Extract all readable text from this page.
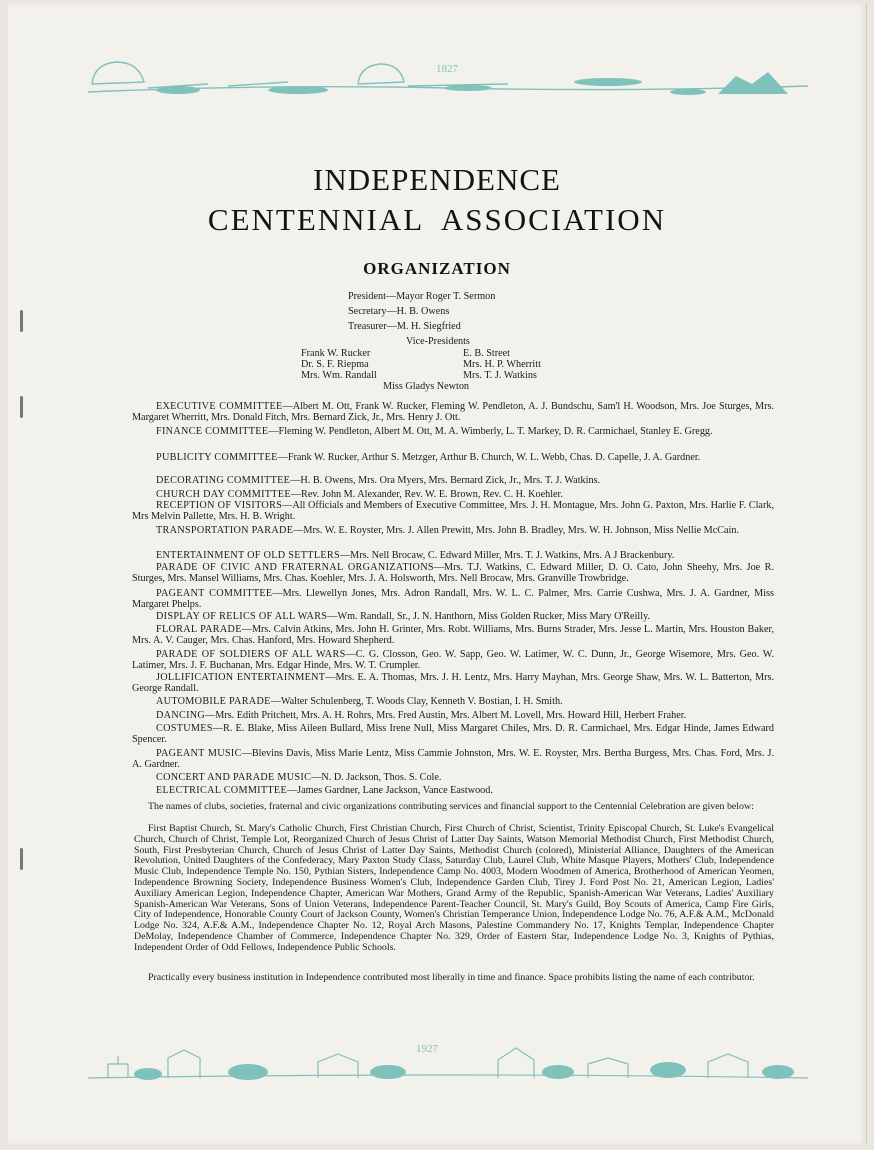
1827
INDEPENDENCE
CENTENNIAL  ASSOCIATION
ORGANIZATION
President—Mayor Roger T. Sermon
Secretary—H. B. Owens
Treasurer—M. H. Siegfried
Vice-Presidents
Frank W. Rucker
Dr. S. F. Riepma
Mrs. Wm. Randall
E. B. Street
Mrs. H. P. Wherritt
Mrs. T. J. Watkins
Miss Gladys Newton
EXECUTIVE COMMITTEE—Albert M. Ott, Frank W. Rucker, Fleming W. Pendleton, A. J. Bundschu, Sam'l H. Woodson, Mrs. Joe Sturges, Mrs. Margaret Wherritt, Mrs. Donald Fitch, Mrs. Bernard Zick, Jr., Mrs. Henry J. Ott.
FINANCE COMMITTEE—Fleming W. Pendleton, Albert M. Ott, M. A. Wimberly, L. T. Markey, D. R. Carmichael, Stanley E. Gregg.
PUBLICITY COMMITTEE—Frank W. Rucker, Arthur S. Metzger, Arthur B. Church, W. L. Webb, Chas. D. Capelle, J. A. Gardner.
DECORATING COMMITTEE—H. B. Owens, Mrs. Ora Myers, Mrs. Bernard Zick, Jr., Mrs. T. J. Watkins.
CHURCH DAY COMMITTEE—Rev. John M. Alexander, Rev. W. E. Brown, Rev. C. H. Koehler.
RECEPTION OF VISITORS—All Officials and Members of Executive Committee, Mrs. J. H. Montague, Mrs. John G. Paxton, Mrs. Harlie F. Clark, Mrs Melvin Pallette, Mrs. H. B. Wright.
TRANSPORTATION PARADE—Mrs. W. E. Royster, Mrs. J. Allen Prewitt, Mrs. John B. Bradley, Mrs. W. H. Johnson, Miss Nellie McCain.
ENTERTAINMENT OF OLD SETTLERS—Mrs. Nell Brocaw, C. Edward Miller, Mrs. T. J. Watkins, Mrs. A J Brackenbury.
PARADE OF CIVIC AND FRATERNAL ORGANIZATIONS—Mrs. T.J. Watkins, C. Edward Miller, D. O. Cato, John Sheehy, Mrs. Joe R. Sturges, Mrs. Mansel Williams, Mrs. Chas. Koehler, Mrs. J. A. Holsworth, Mrs. Nell Brocaw, Mrs. Granville Trowbridge.
PAGEANT COMMITTEE—Mrs. Llewellyn Jones, Mrs. Adron Randall, Mrs. W. L. C. Palmer, Mrs. Carrie Cushwa, Mrs. J. A. Gardner, Miss Margaret Phelps.
DISPLAY OF RELICS OF ALL WARS—Wm. Randall, Sr., J. N. Hanthorn, Miss Golden Rucker, Miss Mary O'Reilly.
FLORAL PARADE—Mrs. Calvin Atkins, Mrs. John H. Grinter, Mrs. Robt. Williams, Mrs. Burns Strader, Mrs. Jesse L. Martin, Mrs. Houston Baker, Mrs. A. V. Cauger, Mrs. Chas. Hanford, Mrs. Howard Shepherd.
PARADE OF SOLDIERS OF ALL WARS—C. G. Closson, Geo. W. Sapp, Geo. W. Latimer, W. C. Dunn, Jr., George Wisemore, Mrs. Geo. W. Latimer, Mrs. J. F. Buchanan, Mrs. Edgar Hinde, Mrs. W. T. Crumpler.
JOLLIFICATION ENTERTAINMENT—Mrs. E. A. Thomas, Mrs. J. H. Lentz, Mrs. Harry Mayhan, Mrs. George Shaw, Mrs. W. L. Batterton, Mrs. George Randall.
AUTOMOBILE PARADE—Walter Schulenberg, T. Woods Clay, Kenneth V. Bostian, I. H. Smith.
DANCING—Mrs. Edith Pritchett, Mrs. A. H. Rohrs, Mrs. Fred Austin, Mrs. Albert M. Lovell, Mrs. Howard Hill, Herbert Fraher.
COSTUMES—R. E. Blake, Miss Aileen Bullard, Miss Irene Null, Miss Margaret Chiles, Mrs. D. R. Carmichael, Mrs. Edgar Hinde, James Edward Spencer.
PAGEANT MUSIC—Blevins Davis, Miss Marie Lentz, Miss Cammie Johnston, Mrs. W. E. Royster, Mrs. Bertha Burgess, Mrs. Chas. Ford, Mrs. J. A. Gardner.
CONCERT AND PARADE MUSIC—N. D. Jackson, Thos. S. Cole.
ELECTRICAL COMMITTEE—James Gardner, Lane Jackson, Vance Eastwood.
The names of clubs, societies, fraternal and civic organizations contributing services and financial support to the Centennial Celebration are given below:
First Baptist Church, St. Mary's Catholic Church, First Christian Church, First Church of Christ, Scientist, Trinity Episcopal Church, St. Luke's Evangelical Church, Church of Christ, Temple Lot, Reorganized Church of Jesus Christ of Latter Day Saints, Watson Memorial Methodist Church, First Methodist Church, South, First Presbyterian Church, Church of Jesus Christ of Latter Day Saints, Methodist Church (colored), Ministerial Alliance, Daughters of the American Revolution, United Daughters of the Confederacy, Mary Paxton Study Class, Saturday Club, Laurel Club, White Masque Players, Mothers' Club, Independence Music Club, Independence Temple No. 150, Pythian Sisters, Independence Camp No. 4003, Modern Woodmen of America, Brotherhood of American Yeomen, Independence Browning Society, Independence Business Women's Club, Independence Garden Club, Tirey J. Ford Post No. 21, American Legion, Ladies' Auxiliary American Legion, Independence Chapter, American War Mothers, Grand Army of the Republic, Spanish-American War Veterans, Ladies' Auxiliary Spanish-American War Veterans, Sons of Union Veterans, Independence Parent-Teacher Council, St. Mary's Guild, Boy Scouts of America, Camp Fire Girls, City of Independence, Honorable County Court of Jackson County, Women's Christian Temperance Union, Independence Lodge No. 76, A.F.& A.M., McDonald Lodge No. 324, A.F.& A.M., Independence Chapter No. 12, Royal Arch Masons, Palestine Commandery No. 17, Knights Templar, Independence Chapter DeMolay, Independence Chamber of Commerce, Independence Chapter No. 329, Order of Eastern Star, Independence Lodge No. 3, Knights of Pythias, Independent Order of Odd Fellows, Independence Public Schools.
Practically every business institution in Independence contributed most liberally in time and finance. Space prohibits listing the name of each contributor.
1927
